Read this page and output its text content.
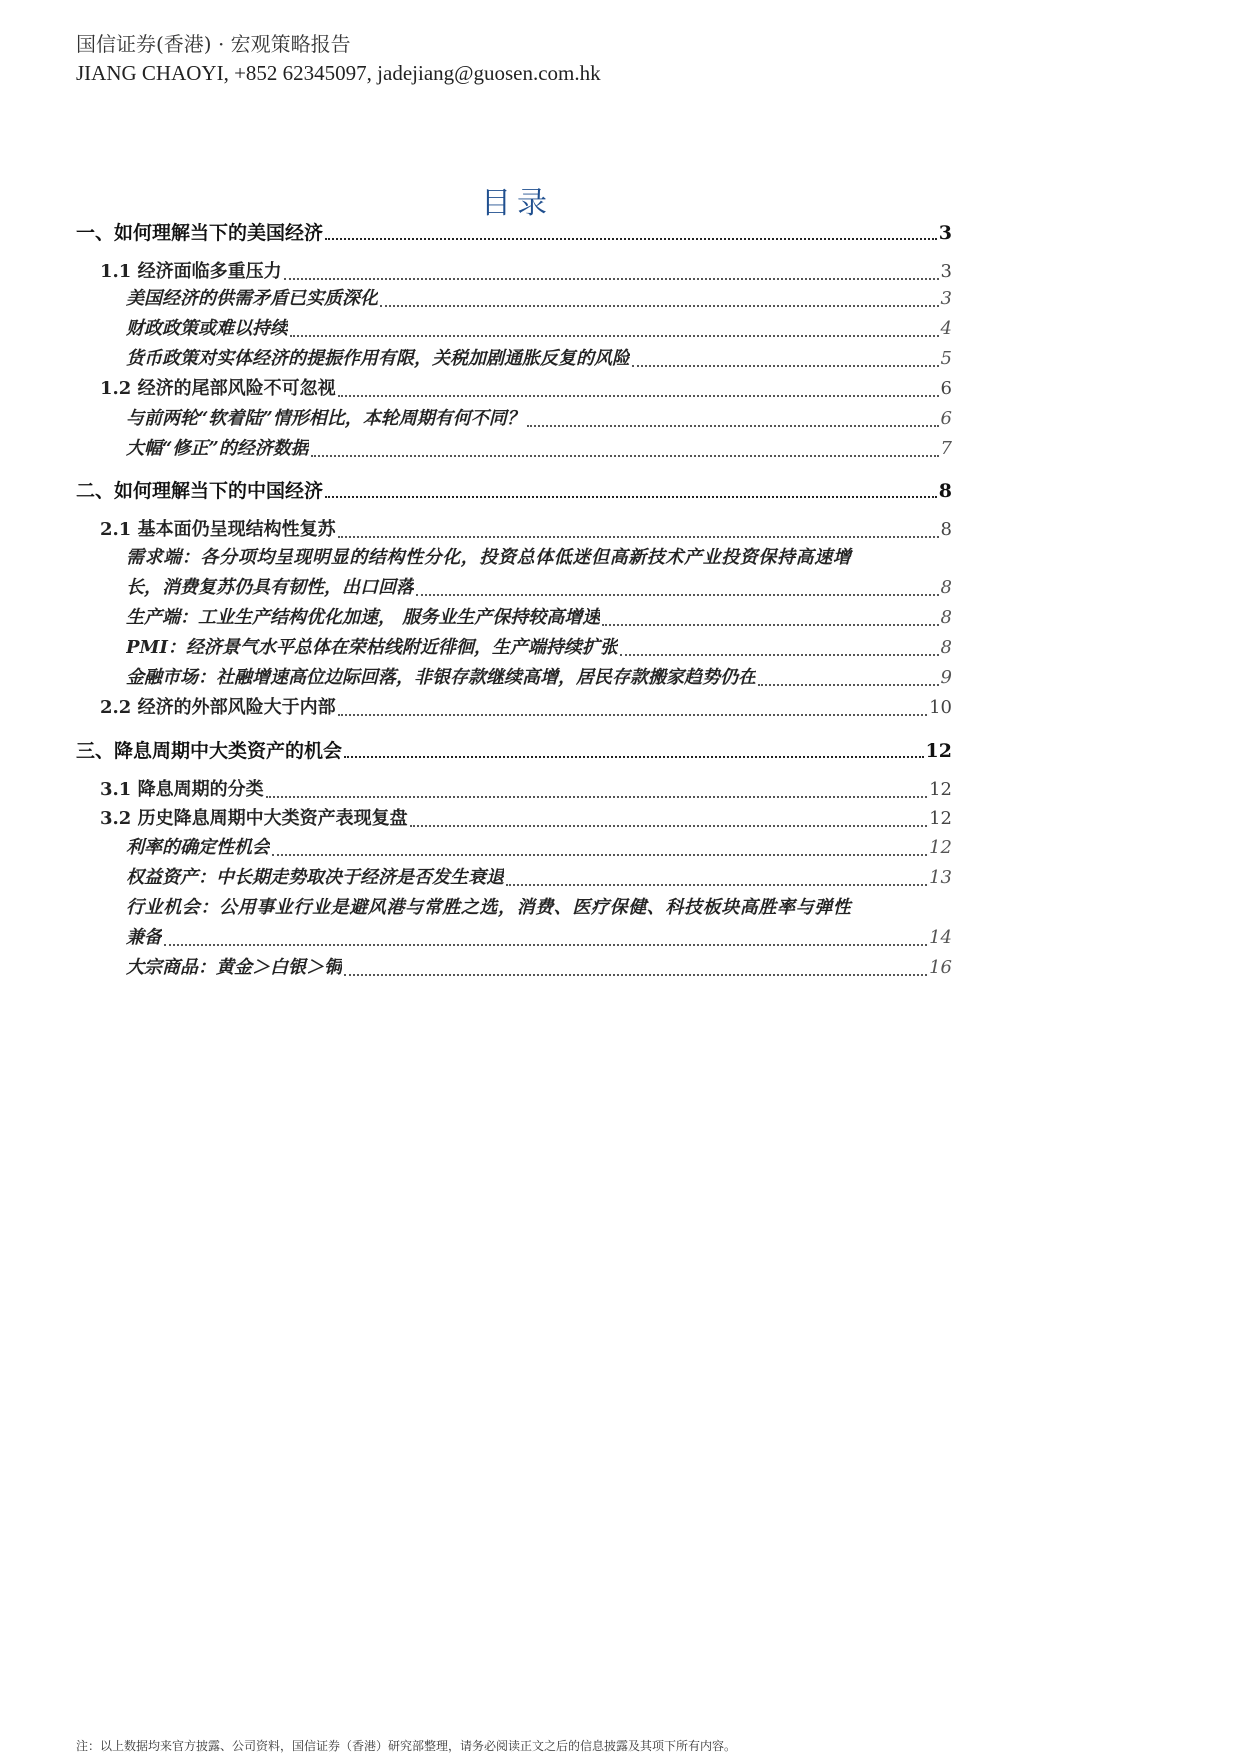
国信证券(香港) · 宏观策略报告
JIANG CHAOYI, +852 62345097, jadejiang@guosen.com.hk
目录
一、如何理解当下的美国经济	3
1.1 经济面临多重压力	3
美国经济的供需矛盾已实质深化	3
财政政策或难以持续	4
货币政策对实体经济的提振作用有限，关税加剧通胀反复的风险	5
1.2 经济的尾部风险不可忽视	6
与前两轮“软着陆”情形相比，本轮周期有何不同？	6
大幅“修正”的经济数据	7
二、如何理解当下的中国经济	8
2.1 基本面仍呈现结构性复苏	8
需求端：各分项均呈现明显的结构性分化，投资总体低迷但高新技术产业投资保持高速增
长，消费复苏仍具有韧性，出口回落	8
生产端：工业生产结构优化加速， 服务业生产保持较高增速	8
PMI：经济景气水平总体在荣枯线附近徘徊，生产端持续扩张	8
金融市场：社融增速高位边际回落，非银存款继续高增，居民存款搬家趋势仍在	9
2.2 经济的外部风险大于内部	10
三、降息周期中大类资产的机会	12
3.1 降息周期的分类	12
3.2 历史降息周期中大类资产表现复盘	12
利率的确定性机会	12
权益资产：中长期走势取决于经济是否发生衰退	13
行业机会：公用事业行业是避风港与常胜之选，消费、医疗保健、科技板块高胜率与弹性
兼备	14
大宗商品：黄金＞白银＞铜	16
注：以上数据均来官方披露、公司资料，国信证券（香港）研究部整理，请务必阅读正文之后的信息披露及其项下所有内容。
